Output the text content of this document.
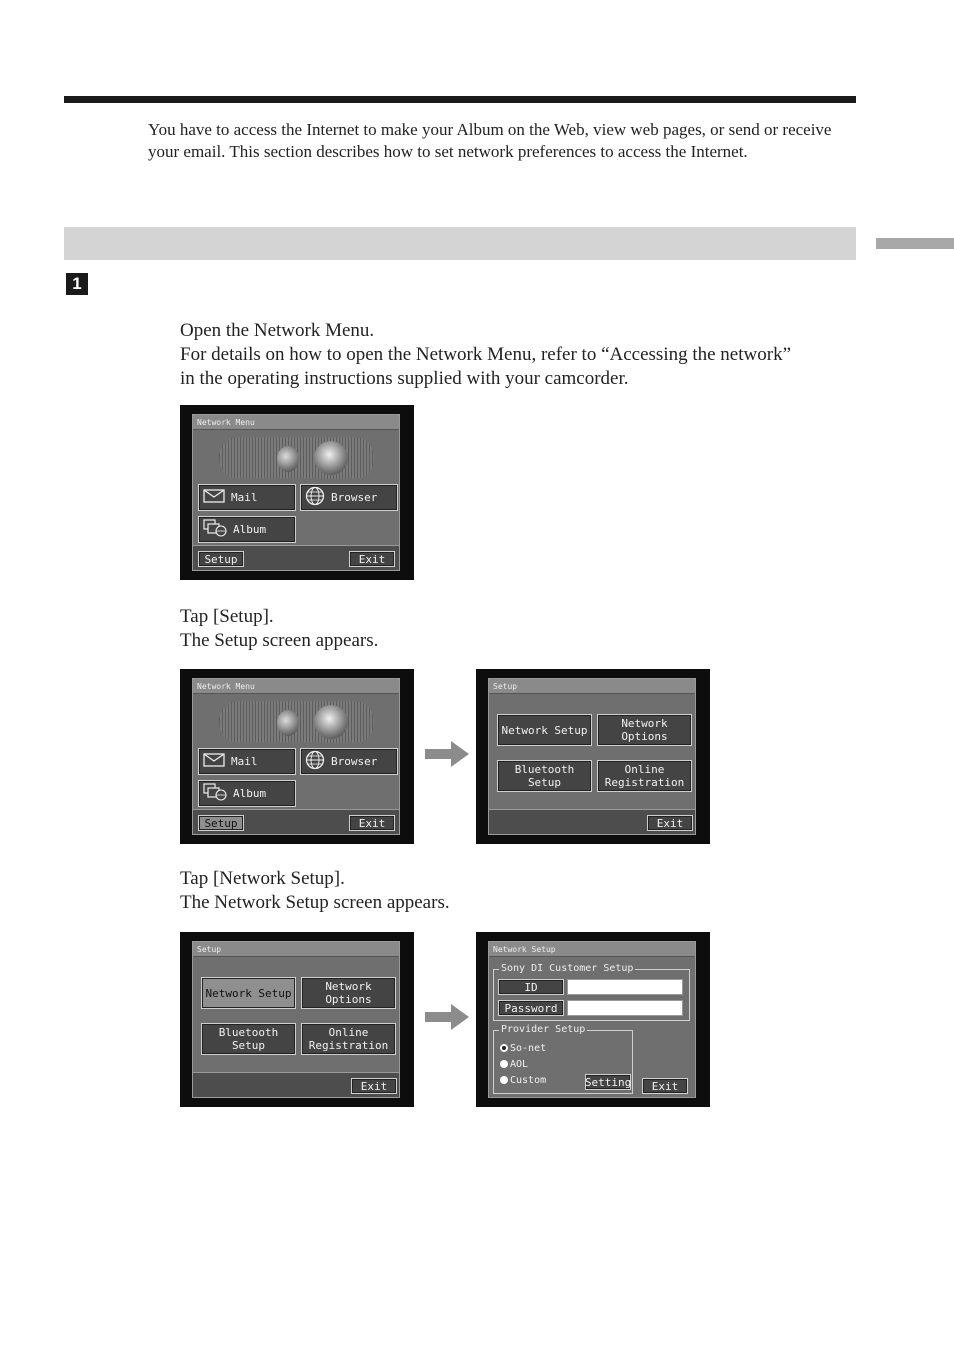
You have to access the Internet to make your Album on the Web, view web pages, or send or receive your email. This section describes how to set network preferences to access the Internet.

1

Open the Network Menu.
For details on how to open the Network Menu, refer to “Accessing the network” in the operating instructions supplied with your camcorder.

Network Menu
Mail	Browser
Album
Setup	Exit

Tap [Setup].
The Setup screen appears.

Network Menu
Mail	Browser
Album
Setup	Exit
Setup
Network Setup	Network Options
Bluetooth Setup
Online
Registration
Exit

Tap [Network Setup].
The Network Setup screen appears.

Setup
Network Setup	Network Options
Bluetooth Setup
Online
Registration
Exit
Network Setup
Sony DI Customer Setup
ID
Password
Provider Setup
So-net
AOL
Custom	Setting	Exit
